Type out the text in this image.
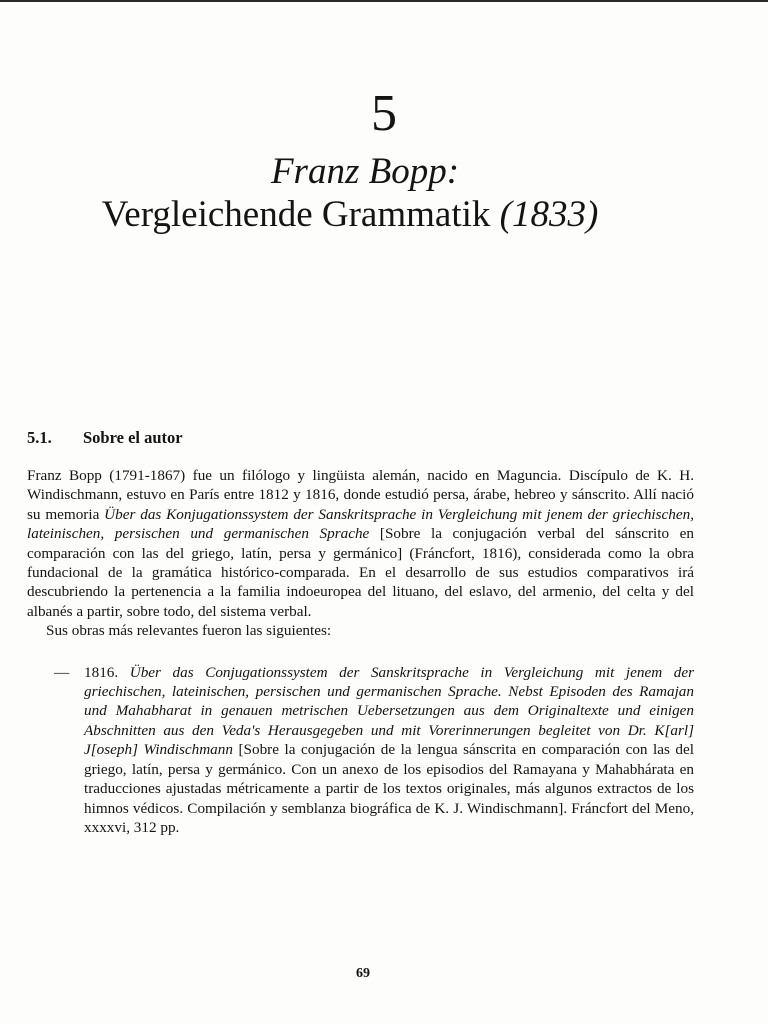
5
Franz Bopp:
Vergleichende Grammatik (1833)
5.1. Sobre el autor

Franz Bopp (1791-1867) fue un filólogo y lingüista alemán, nacido en Maguncia. Discípulo de K. H. Windischmann, estuvo en París entre 1812 y 1816, donde estudió persa, árabe, hebreo y sánscrito. Allí nació su memoria Über das Konjugationssystem der Sanskritsprache in Vergleichung mit jenem der griechischen, lateinischen, persischen und germanischen Sprache [Sobre la conjugación verbal del sánscrito en comparación con las del griego, latín, persa y germánico] (Fráncfort, 1816), considerada como la obra fundacional de la gramática histórico-comparada. En el desarrollo de sus estudios comparativos irá descubriendo la pertenencia a la familia indoeuropea del lituano, del eslavo, del armenio, del celta y del albanés a partir, sobre todo, del sistema verbal.

Sus obras más relevantes fueron las siguientes:

— 1816. Über das Conjugationssystem der Sanskritsprache in Vergleichung mit jenem der griechischen, lateinischen, persischen und germanischen Sprache. Nebst Episoden des Ramajan und Mahabharat in genauen metrischen Uebersetzungen aus dem Originaltexte und einigen Abschnitten aus den Veda's Herausgegeben und mit Vorerinnerungen begleitet von Dr. K[arl] J[oseph] Windischmann [Sobre la conjugación de la lengua sánscrita en comparación con las del griego, latín, persa y germánico. Con un anexo de los episodios del Ramayana y Mahabhárata en traducciones ajustadas métricamente a partir de los textos originales, más algunos extractos de los himnos védicos. Compilación y semblanza biográfica de K. J. Windischmann]. Fráncfort del Meno, xxxxvi, 312 pp.

69
